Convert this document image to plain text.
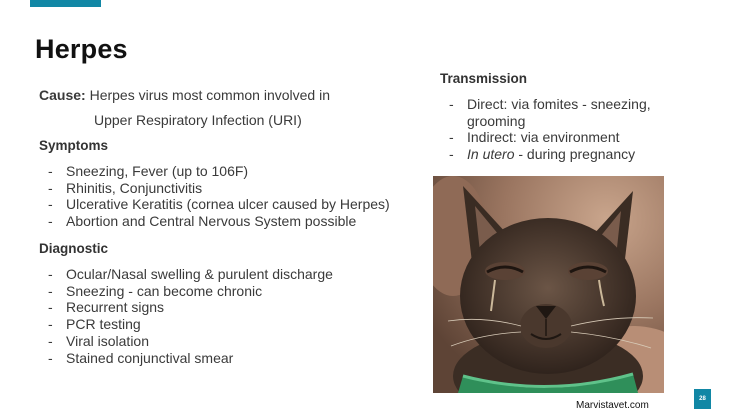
Herpes
Cause: Herpes virus most common involved in
Upper Respiratory Infection (URI)
Symptoms
- Sneezing, Fever (up to 106F)
- Rhinitis, Conjunctivitis
- Ulcerative Keratitis (cornea ulcer caused by Herpes)
- Abortion and Central Nervous System possible
Diagnostic
- Ocular/Nasal swelling & purulent discharge
- Sneezing - can become chronic
- Recurrent signs
- PCR testing
- Viral isolation
- Stained conjunctival smear
Transmission
- Direct: via fomites - sneezing,
grooming
- Indirect: via environment
- In utero - during pregnancy
28
Marvistavet.com
